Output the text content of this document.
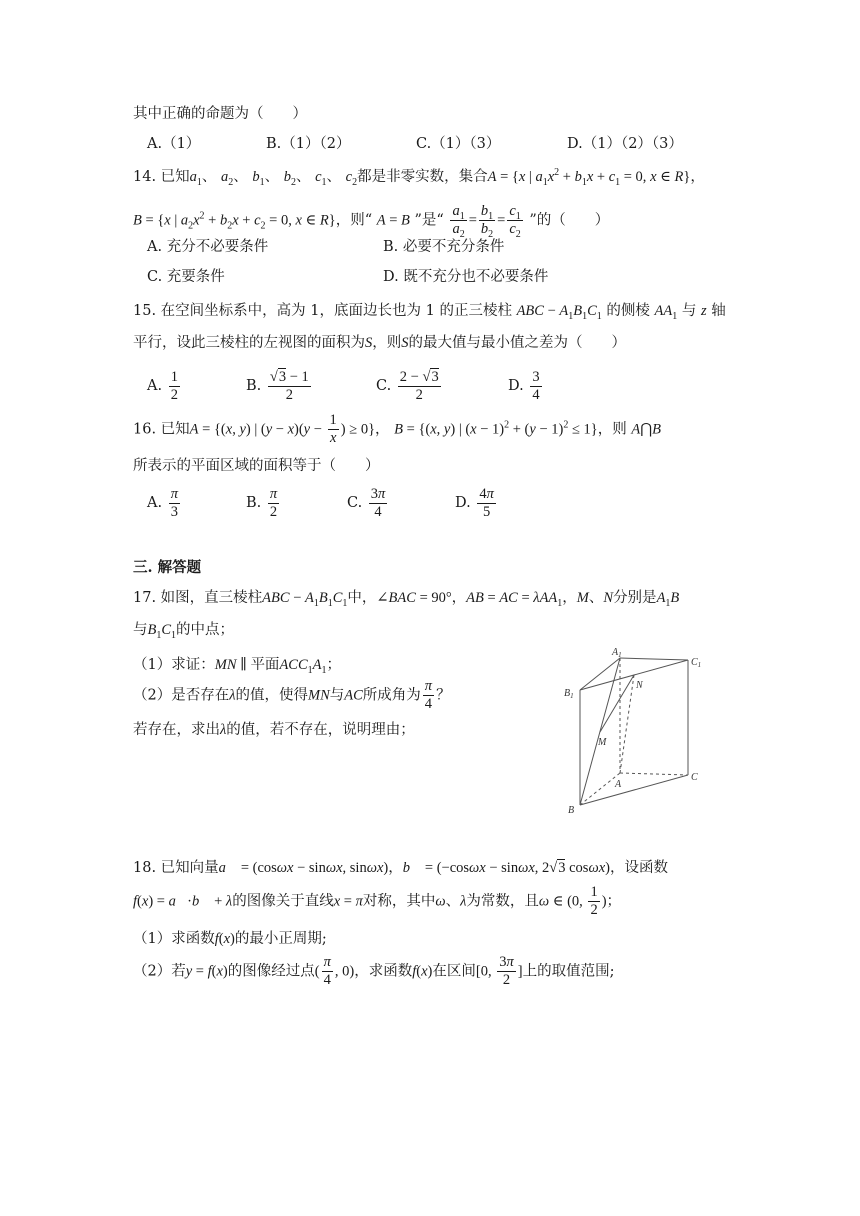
其中正确的命题为（　　）
A.（1）	B.（1）（2）	C.（1）（3）	D.（1）（2）（3）
14. 已知$a_1$、 $a_2$、 $b_1$、 $b_2$、 $c_1$、 $c_2$都是非零实数，集合A = {x | $a_1x^2 + b_1x + c_1 = 0$, x ∈ R}，
B = {x | $a_2x^2 + b_2x + c_2 = 0$, x ∈ R}，则“ A = B ”是“ $\frac{a_1}{a_2} = \frac{b_1}{b_2} = \frac{c_1}{c_2}$ ”的（　　）
A. 充分不必要条件	B. 必要不充分条件
C. 充要条件	D. 既不充分也不必要条件
15. 在空间坐标系中，高为 1，底面边长也为 1 的正三棱柱 ABC − $A_1B_1C_1$ 的侧棱 $AA_1$ 与 z 轴
平行，设此三棱柱的左视图的面积为S，则S的最大值与最小值之差为（　　）
A. $\frac{1}{2}$	B. $\frac{√3 - 1}{2}$	C. $\frac{2 - √3}{2}$	D. $\frac{3}{4}$
16. 已知A = {(x, y) | $(y - x)(y - \frac{1}{x}$ ) ≥ 0}， B = {(x, y) | $(x - 1)^2 + (y - 1)^2 \le 1$}，则 A⋂B
所表示的平面区域的面积等于（　　）
A. $\frac{\pi}{3}$	B. $\frac{\pi}{2}$	C. $\frac{3\pi}{4}$	D. $\frac{4\pi}{5}$
三. 解答题
17. 如图，直三棱柱ABC − $A_1B_1C_1$中，∠BAC = 90°，AB = AC = λAA$_1$，M、N分别是$A_1B$
与$B_1C_1$的中点；
（1）求证：MN ∥ 平面$ACC_1A_1$；
（2）是否存在λ的值，使得MN与AC所成角为 $\frac{\pi}{4}$ ？
若存在，求出λ的值，若不存在，说明理由；
$A_1$
$C_1$
$B_1$
N
M
A
C
B
18. 已知向量a⃗ = (cosωx − sinωx, sinωx)，b⃗ = (−cosωx − sinωx, 2√3 cosωx)，设函数
f(x) = a⃗·b⃗ + λ的图像关于直线x = π对称，其中ω、λ为常数，且ω ∈ (0, $\frac{1}{2}$ )；
（1）求函数f(x)的最小正周期;
（2）若y = f(x)的图像经过点( $\frac{\pi}{4}$ , 0)，求函数f(x)在区间[0, $\frac{3\pi}{2}$ ]上的取值范围;
